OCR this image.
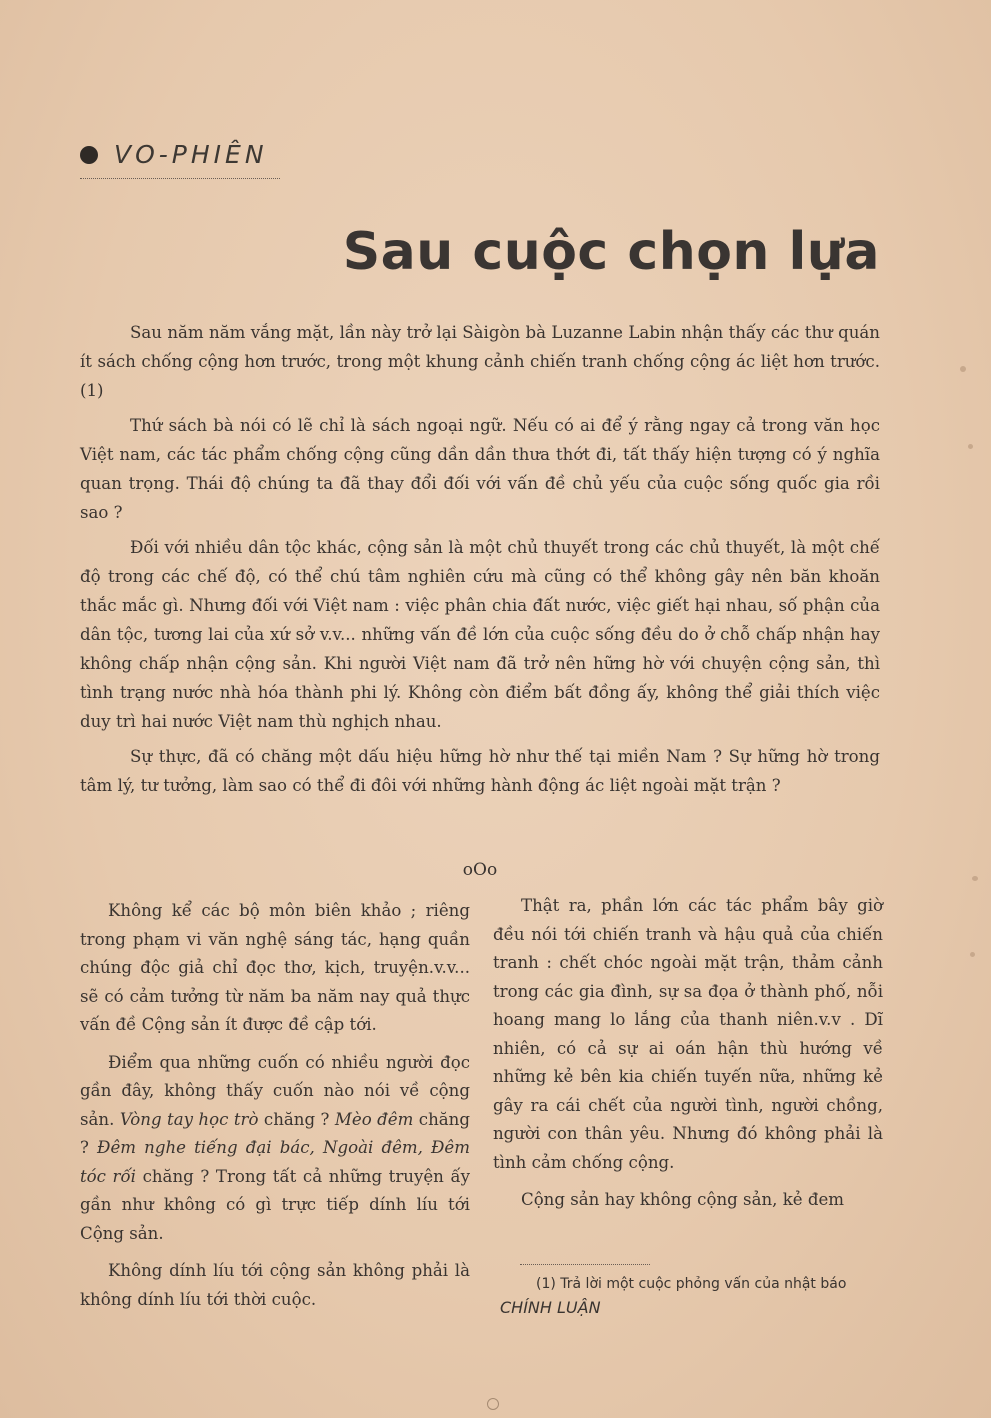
VO-PHIÊN
Sau cuộc chọn lựa

Sau năm năm vắng mặt, lần này trở lại Sàigòn bà Luzanne Labin nhận thấy các thư quán ít sách chống cộng hơn trước, trong một khung cảnh chiến tranh chống cộng ác liệt hơn trước. (1)

Thứ sách bà nói có lẽ chỉ là sách ngoại ngữ. Nếu có ai để ý rằng ngay cả trong văn học Việt nam, các tác phẩm chống cộng cũng dần dần thưa thớt đi, tất thấy hiện tượng có ý nghĩa quan trọng. Thái độ chúng ta đã thay đổi đối với vấn đề chủ yếu của cuộc sống quốc gia rồi sao ?

Đối với nhiều dân tộc khác, cộng sản là một chủ thuyết trong các chủ thuyết, là một chế độ trong các chế độ, có thể chú tâm nghiên cứu mà cũng có thể không gây nên băn khoăn thắc mắc gì. Nhưng đối với Việt nam : việc phân chia đất nước, việc giết hại nhau, số phận của dân tộc, tương lai của xứ sở v.v... những vấn đề lớn của cuộc sống đều do ở chỗ chấp nhận hay không chấp nhận cộng sản. Khi người Việt nam đã trở nên hững hờ với chuyện cộng sản, thì tình trạng nước nhà hóa thành phi lý. Không còn điểm bất đồng ấy, không thể giải thích việc duy trì hai nước Việt nam thù nghịch nhau.

Sự thực, đã có chăng một dấu hiệu hững hờ như thế tại miền Nam ? Sự hững hờ trong tâm lý, tư tưởng, làm sao có thể đi đôi với những hành động ác liệt ngoài mặt trận ?

oOo

Không kể các bộ môn biên khảo ; riêng trong phạm vi văn nghệ sáng tác, hạng quần chúng độc giả chỉ đọc thơ, kịch, truyện.v.v... sẽ có cảm tưởng từ năm ba năm nay quả thực vấn đề Cộng sản ít được đề cập tới.

Điểm qua những cuốn có nhiều người đọc gần đây, không thấy cuốn nào nói về cộng sản. Vòng tay học trò chăng ? Mèo đêm chăng ? Đêm nghe tiếng đại bác, Ngoài đêm, Đêm tóc rối chăng ? Trong tất cả những truyện ấy gần như không có gì trực tiếp dính líu tới Cộng sản.

Không dính líu tới cộng sản không phải là không dính líu tới thời cuộc.

Thật ra, phần lớn các tác phẩm bây giờ đều nói tới chiến tranh và hậu quả của chiến tranh : chết chóc ngoài mặt trận, thảm cảnh trong các gia đình, sự sa đọa ở thành phố, nỗi hoang mang lo lắng của thanh niên.v.v . Dĩ nhiên, có cả sự ai oán hận thù hướng về những kẻ bên kia chiến tuyến nữa, những kẻ gây ra cái chết của người tình, người chồng, người con thân yêu. Nhưng đó không phải là tình cảm chống cộng.

Cộng sản hay không cộng sản, kẻ đem

(1) Trả lời một cuộc phỏng vấn của nhật báo CHÍNH LUẬN
